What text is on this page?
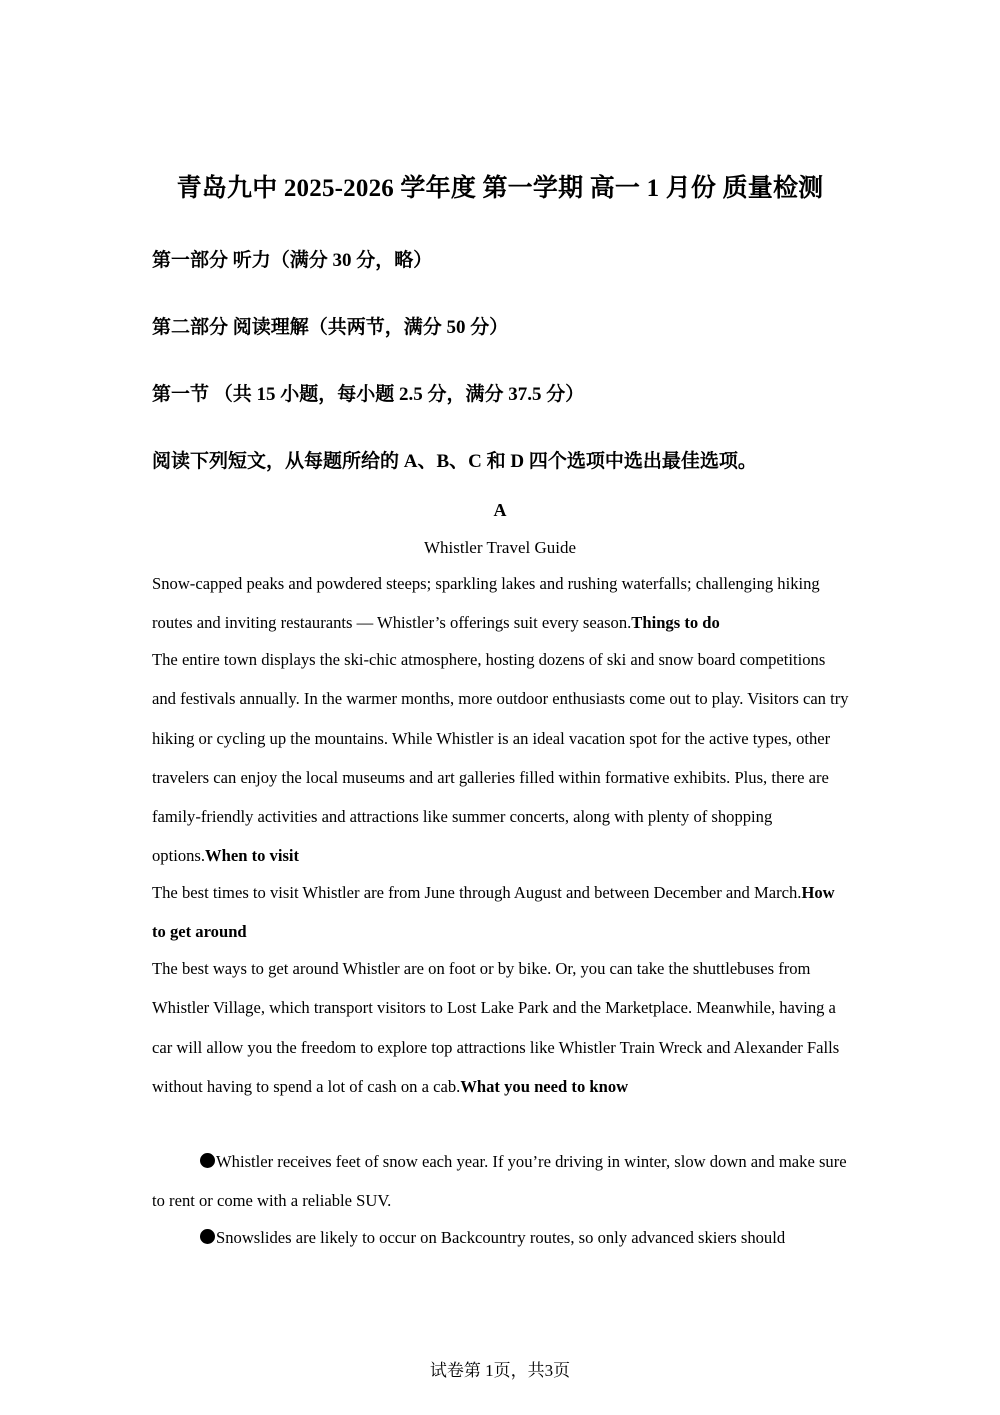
青岛九中 2025-2026 学年度 第一学期 高一 1 月份 质量检测
第一部分 听力（满分 30 分，略）
第二部分 阅读理解（共两节，满分 50 分）
第一节 （共 15 小题，每小题 2.5 分，满分 37.5 分）
阅读下列短文，从每题所给的 A、B、C 和 D 四个选项中选出最佳选项。
A
Whistler Travel Guide

Snow-capped peaks and powdered steeps; sparkling lakes and rushing waterfalls; challenging hiking routes and inviting restaurants — Whistler’s offerings suit every season.Things to do

The entire town displays the ski-chic atmosphere, hosting dozens of ski and snow board competitions and festivals annually. In the warmer months, more outdoor enthusiasts come out to play. Visitors can try hiking or cycling up the mountains. While Whistler is an ideal vacation spot for the active types, other travelers can enjoy the local museums and art galleries filled within formative exhibits. Plus, there are family-friendly activities and attractions like summer concerts, along with plenty of shopping options.When to visit

The best times to visit Whistler are from June through August and between December and March.How to get around

The best ways to get around Whistler are on foot or by bike. Or, you can take the shuttlebuses from Whistler Village, which transport visitors to Lost Lake Park and the Marketplace. Meanwhile, having a car will allow you the freedom to explore top attractions like Whistler Train Wreck and Alexander Falls without having to spend a lot of cash on a cab.What you need to know

Whistler receives feet of snow each year. If you’re driving in winter, slow down and make sure to rent or come with a reliable SUV.

Snowslides are likely to occur on Backcountry routes, so only advanced skiers should

试卷第 1页，共3页
